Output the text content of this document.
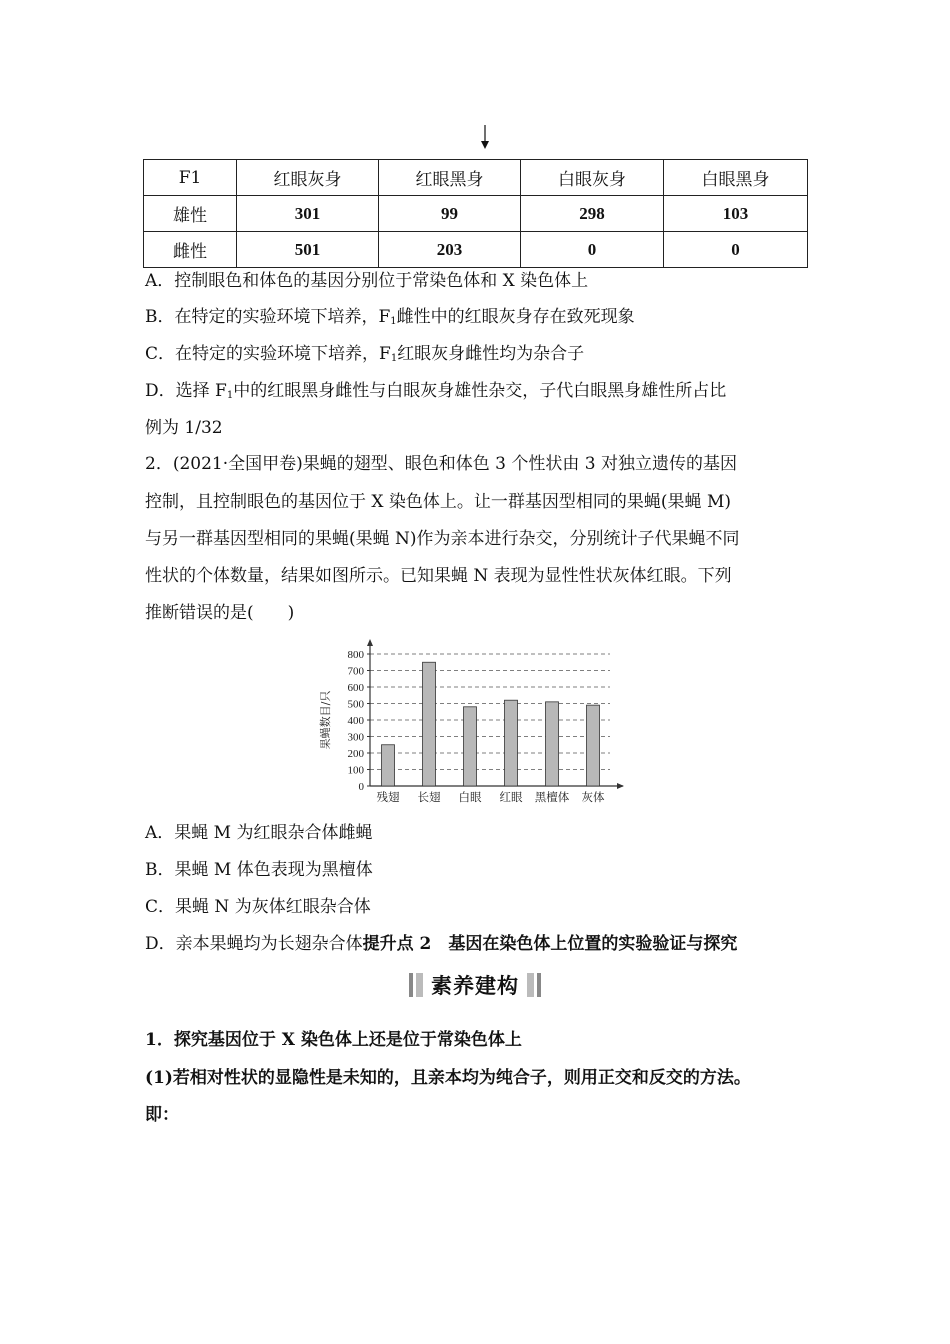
F1	红眼灰身	红眼黑身	白眼灰身	白眼黑身
雄性	301	99	298	103
雌性	501	203	0	0
A．控制眼色和体色的基因分别位于常染色体和 X 染色体上
B．在特定的实验环境下培养，$F_1$雌性中的红眼灰身存在致死现象
C．在特定的实验环境下培养，$F_1$红眼灰身雌性均为杂合子
D．选择 $F_1$中的红眼黑身雌性与白眼灰身雄性杂交，子代白眼黑身雄性所占比
例为 1/32
2．(2021·全国甲卷)果蝇的翅型、眼色和体色 3 个性状由 3 对独立遗传的基因
控制，且控制眼色的基因位于 X 染色体上。让一群基因型相同的果蝇(果蝇 M)
与另一群基因型相同的果蝇(果蝇 N)作为亲本进行杂交，分别统计子代果蝇不同
性状的个体数量，结果如图所示。已知果蝇 N 表现为显性性状灰体红眼。下列
推断错误的是(　　)
0
100
200
300
400
500
600
700
800
果蝇数目/只
残翅 长翅 白眼 红眼 黑檀体 灰体
A．果蝇 M 为红眼杂合体雌蝇
B．果蝇 M 体色表现为黑檀体
C．果蝇 N 为灰体红眼杂合体
D．亲本果蝇均为长翅杂合体提升点 2　基因在染色体上位置的实验验证与探究
素养建构
1．探究基因位于 X 染色体上还是位于常染色体上
(1)若相对性状的显隐性是未知的，且亲本均为纯合子，则用正交和反交的方法。
即：
